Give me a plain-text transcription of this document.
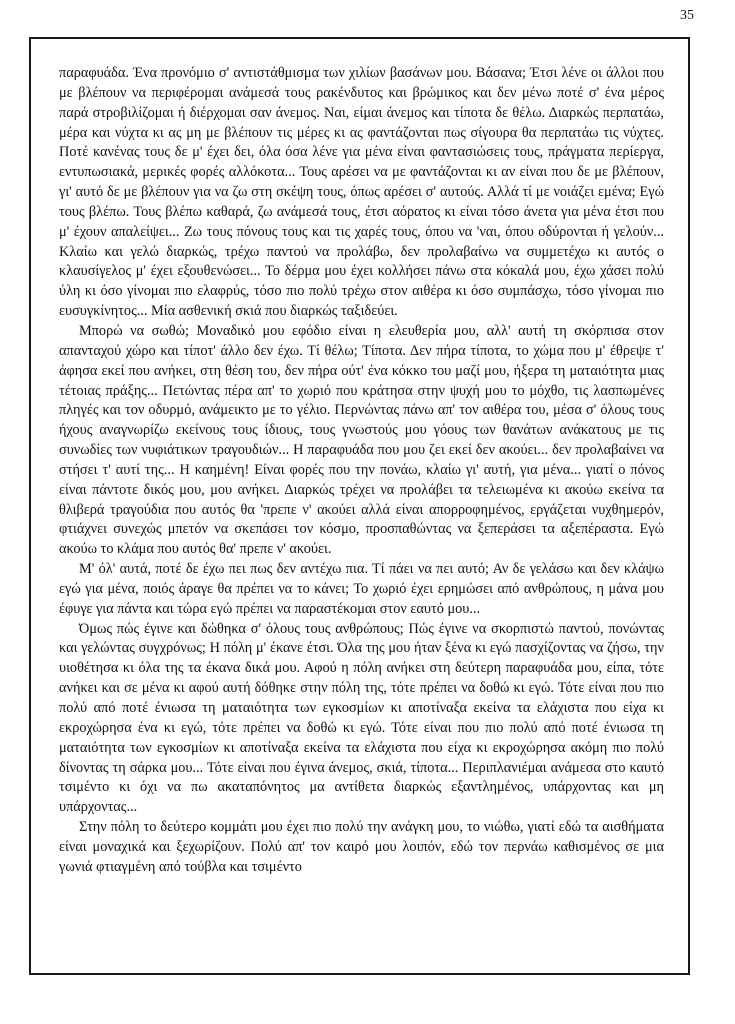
35

παραφυάδα. Ένα προνόμιο σ' αντιστάθμισμα των χιλίων βασάνων μου. Βάσανα; Έτσι λένε οι άλλοι που με βλέπουν να περιφέρομαι ανάμεσά τους ρακένδυτος και βρώμικος και δεν μένω ποτέ σ' ένα μέρος παρά στροβιλίζομαι ή διέρχομαι σαν άνεμος. Ναι, είμαι άνεμος και τίποτα δε θέλω. Διαρκώς περπατάω, μέρα και νύχτα κι ας μη με βλέπουν τις μέρες κι ας φαντάζονται πως σίγουρα θα περπατάω τις νύχτες. Ποτέ κανένας τους δε μ' έχει δει, όλα όσα λένε για μένα είναι φαντασιώσεις τους, πράγματα περίεργα, εντυπωσιακά, μερικές φορές αλλόκοτα... Τους αρέσει να με φαντάζονται κι αν είναι που δε με βλέπουν, γι' αυτό δε με βλέπουν για να ζω στη σκέψη τους, όπως αρέσει σ' αυτούς. Αλλά τί με νοιάζει εμένα; Εγώ τους βλέπω. Τους βλέπω καθαρά, ζω ανάμεσά τους, έτσι αόρατος κι είναι τόσο άνετα για μένα έτσι που μ' έχουν απαλείψει... Ζω τους πόνους τους και τις χαρές τους, όπου να 'ναι, όπου οδύρονται ή γελούν... Κλαίω και γελώ διαρκώς, τρέχω παντού να προλάβω, δεν προλαβαίνω να συμμετέχω κι αυτός ο κλαυσίγελος μ' έχει εξουθενώσει... Το δέρμα μου έχει κολλήσει πάνω στα κόκαλά μου, έχω χάσει πολύ ύλη κι όσο γίνομαι πιο ελαφρύς, τόσο πιο πολύ τρέχω στον αιθέρα κι όσο συμπάσχω, τόσο γίνομαι πιο ευσυγκίνητος... Μία ασθενική σκιά που διαρκώς ταξιδεύει.

Μπορώ να σωθώ; Μοναδικό μου εφόδιο είναι η ελευθερία μου, αλλ' αυτή τη σκόρπισα στον απανταχού χώρο και τίποτ' άλλο δεν έχω. Τί θέλω; Τίποτα. Δεν πήρα τίποτα, το χώμα που μ' έθρεψε τ' άφησα εκεί που ανήκει, στη θέση του, δεν πήρα ούτ' ένα κόκκο του μαζί μου, ήξερα τη ματαιότητα μιας τέτοιας πράξης... Πετώντας πέρα απ' το χωριό που κράτησα στην ψυχή μου το μόχθο, τις λασπωμένες πληγές και τον οδυρμό, ανάμεικτο με το γέλιο. Περνώντας πάνω απ' τον αιθέρα του, μέσα σ' όλους τους ήχους αναγνωρίζω εκείνους τους ίδιους, τους γνωστούς μου γόους των θανάτων ανάκατους με τις συνωδίες των νυφιάτικων τραγουδιών... Η παραφυάδα που μου ζει εκεί δεν ακούει... δεν προλαβαίνει να στήσει τ' αυτί της... Η καημένη! Είναι φορές που την πονάω, κλαίω γι' αυτή, για μένα... γιατί ο πόνος είναι πάντοτε δικός μου, μου ανήκει. Διαρκώς τρέχει να προλάβει τα τελειωμένα κι ακούω εκείνα τα θλιβερά τραγούδια που αυτός θα 'πρεπε ν' ακούει αλλά είναι απορροφημένος, εργάζεται νυχθημερόν, φτιάχνει συνεχώς μπετόν να σκεπάσει τον κόσμο, προσπαθώντας να ξεπεράσει τα αξεπέραστα. Εγώ ακούω το κλάμα που αυτός θα' πρεπε ν' ακούει.

Μ' όλ' αυτά, ποτέ δε έχω πει πως δεν αντέχω πια. Τί πάει να πει αυτό; Αν δε γελάσω και δεν κλάψω εγώ για μένα, ποιός άραγε θα πρέπει να το κάνει; Το χωριό έχει ερημώσει από ανθρώπους, η μάνα μου έφυγε για πάντα και τώρα εγώ πρέπει να παραστέκομαι στον εαυτό μου...

Όμως πώς έγινε και δώθηκα σ' όλους τους ανθρώπους; Πώς έγινε να σκορπιστώ παντού, πονώντας και γελώντας συγχρόνως; Η πόλη μ' έκανε έτσι. Όλα της μου ήταν ξένα κι εγώ πασχίζοντας να ζήσω, την υιοθέτησα κι όλα της τα έκανα δικά μου. Αφού η πόλη ανήκει στη δεύτερη παραφυάδα μου, είπα, τότε ανήκει και σε μένα κι αφού αυτή δόθηκε στην πόλη της, τότε πρέπει να δοθώ κι εγώ. Τότε είναι που πιο πολύ από ποτέ ένιωσα τη ματαιότητα των εγκοσμίων κι αποτίναξα εκείνα τα ελάχιστα που είχα κι εκροχώρησα ένα κι εγώ, τότε πρέπει να δοθώ κι εγώ. Τότε είναι που πιο πολύ από ποτέ ένιωσα τη ματαιότητα των εγκοσμίων κι αποτίναξα εκείνα τα ελάχιστα που είχα κι εκροχώρησα ακόμη πιο πολύ δίνοντας τη σάρκα μου... Τότε είναι που έγινα άνεμος, σκιά, τίποτα... Περιπλανιέμαι ανάμεσα στο καυτό τσιμέντο κι όχι να πω ακαταπόνητος μα αντίθετα διαρκώς εξαντλημένος, υπάρχοντας και μη υπάρχοντας...

Στην πόλη το δεύτερο κομμάτι μου έχει πιο πολύ την ανάγκη μου, το νιώθω, γιατί εδώ τα αισθήματα είναι μοναχικά και ξεχωρίζουν. Πολύ απ' τον καιρό μου λοιπόν, εδώ τον περνάω καθισμένος σε μια γωνιά φτιαγμένη από τούβλα και τσιμέντο
